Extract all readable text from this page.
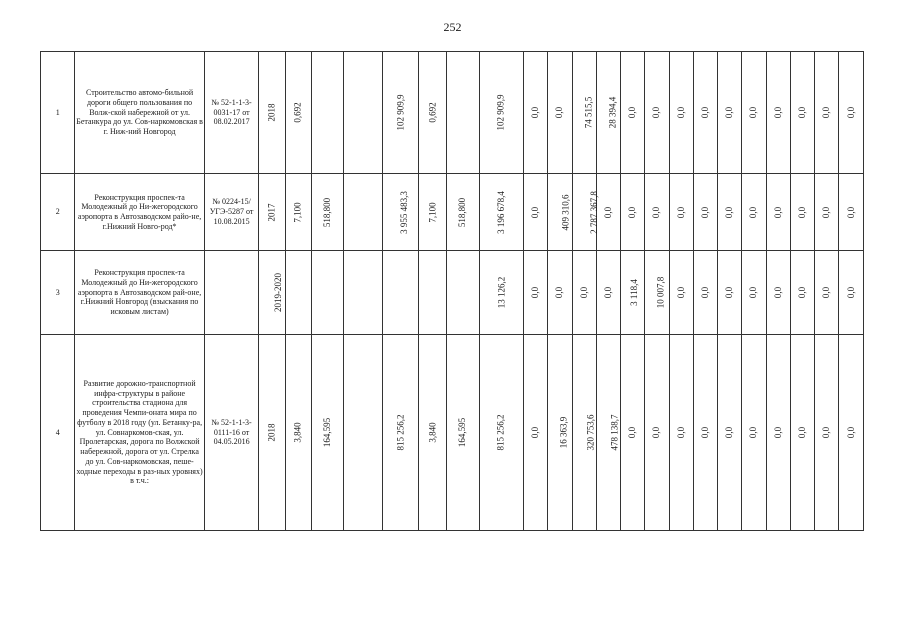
252
1	Строительство автомо-бильной дороги общего пользования по Волж-ской набережной от ул. Бетанкура до ул. Сов-наркомовская в г. Ниж-ний Новгород	№ 52-1-1-3-0031-17 от 08.02.2017	2018	0,692			102 909,9	0,692		102 909,9	0,0	0,0	74 515,5	28 394,4	0,0	0,0	0,0	0,0	0,0	0,0	0,0	0,0	0,0	0,0
2	Реконструкция проспек-та Молодежный до Ни-жегородского аэропорта в Автозаводском райо-не, г.Нижний Новго-род*	№ 0224-15/УГЭ-5287 от 10.08.2015	2017	7,100	518,800		3 955 483,3	7,100	518,800	3 196 678,4	0,0	409 310,6	2 787 367,8	0,0	0,0	0,0	0,0	0,0	0,0	0,0	0,0	0,0	0,0	0,0
3	Реконструкция проспек-та Молодежный до Ни-жегородского аэропорта в Автозаводском рай-оне, г.Нижний Новгород (взыскания по исковым листам)		2019-2020							13 126,2	0,0	0,0	0,0	0,0	3 118,4	10 007,8	0,0	0,0	0,0	0,0	0,0	0,0	0,0	0,0
4	Развитие дорожно-транспортной инфра-структуры в районе строительства стадиона для проведения Чемпи-оната мира по футболу в 2018 году (ул. Бетанку-ра, ул. Совнаркомов-ская, ул. Пролетарская, дорога по Волжской набережной, дорога от ул. Стрелка до ул. Сов-наркомовская, пеше-ходные переходы в раз-ных уровнях) в т.ч.:	№ 52-1-1-3-0111-16 от 04.05.2016	2018	3,840	164,595		815 256,2	3,840	164,595	815 256,2	0,0	16 363,9	320 753,6	478 138,7	0,0	0,0	0,0	0,0	0,0	0,0	0,0	0,0	0,0	0,0
